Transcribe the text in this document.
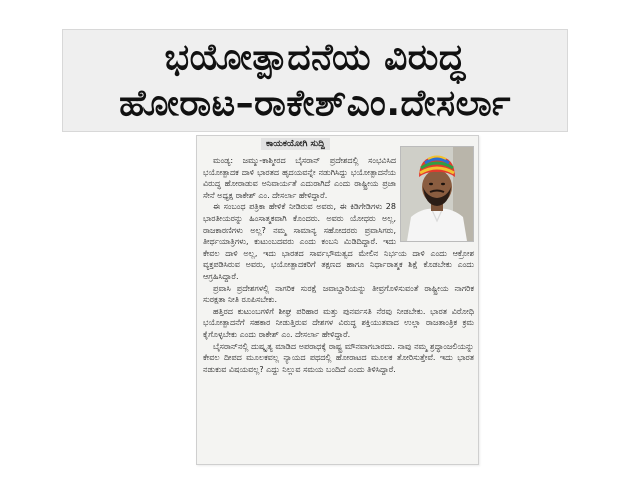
ಭಯೋತ್ಪಾದನೆಯ ವಿರುದ್ಧ
ಹೋರಾಟ–ರಾಕೇಶ್‌ಎಂ.ದೇಸರ್ಲಾ
ಕಾಯಕಯೋಗಿ ಸುದ್ದಿ

ಮಂಡ್ಯ: ಜಮ್ಮು-ಕಾಶ್ಮೀರದ ಬೈಸರಾನ್ ಪ್ರದೇಶದಲ್ಲಿ ಸಂಭವಿಸಿದ ಭಯೋತ್ಪಾದಕ ದಾಳಿ ಭಾರತದ ಹೃದಯವನ್ನೇ ನಡುಗಿಸಿದ್ದು ಭಯೋತ್ಪಾದನೆಯ ವಿರುದ್ಧ ಹೋರಾಡುವ ಅನಿವಾರ್ಯತೆ ಎದುರಾಗಿದೆ ಎಂದು ರಾಷ್ಟ್ರೀಯ ಪ್ರಜಾ ಸೇನೆ ಅಧ್ಯಕ್ಷ ರಾಕೇಶ್ ಎಂ. ದೇಸರ್ಲಾ ಹೇಳಿದ್ದಾರೆ.

ಈ ಸಂಬಂಧ ಪತ್ರಿಕಾ ಹೇಳಿಕೆ ನೀಡಿರುವ ಅವರು, ಈ ಕಿಡಿಗೇಡಿಗಳು 28 ಭಾರತೀಯರನ್ನು ಹಿಂಸಾತ್ಮಕವಾಗಿ ಕೊಂದರು. ಅವರು ಯೋಧರು ಅಲ್ಲ, ರಾಜಕಾರಣಿಗಳು ಅಲ್ಲ? ನಮ್ಮ ಸಾಮಾನ್ಯ ಸಹೋದರರು ಪ್ರವಾಸಿಗರು, ತೀರ್ಥಯಾತ್ರಿಗಳು, ಕುಟುಂಬದವರು ಎಂದು ಕಂಬನಿ ಮಿಡಿದಿದ್ದಾರೆ. ಇದು ಕೇವಲ ದಾಳಿ ಅಲ್ಲ, ಇದು ಭಾರತದ ಸಾರ್ವಭೌಮತ್ವದ ಮೇಲಿನ ನಿರ್ಭಯ ದಾಳಿ ಎಂದು ಆಕ್ರೋಶ ವ್ಯಕ್ತಪಡಿಸಿರುವ ಅವರು, ಭಯೋತ್ಪಾದಕರಿಗೆ ತಕ್ಷಣದ ಹಾಗೂ ನಿರ್ಧಾರಾತ್ಮಕ ಶಿಕ್ಷೆ ಕೊಡಬೇಕು ಎಂದು ಆಗ್ರಹಿಸಿದ್ದಾರೆ.

ಪ್ರವಾಸಿ ಪ್ರದೇಶಗಳಲ್ಲಿ ನಾಗರಿಕ ಸುರಕ್ಷೆ ಜವಾಬ್ದಾರಿಯನ್ನು ತೀವ್ರಗೊಳಿಸುವಂತೆ ರಾಷ್ಟ್ರೀಯ ನಾಗರಿಕ ಸುರಕ್ಷತಾ ನೀತಿ ರೂಪಿಸಬೇಕು.

ಹತ್ತಿರದ ಕುಟುಂಬಗಳಿಗೆ ಶೀಘ್ರ ಪರಿಹಾರ ಮತ್ತು ಪುನರ್ವಸತಿ ನೆರವು ನೀಡಬೇಕು. ಭಾರತ ವಿರೋಧಿ ಭಯೋತ್ಪಾದನೆಗೆ ಸಹಕಾರ ನೀಡುತ್ತಿರುವ ದೇಶಗಳ ವಿರುದ್ಧ ಶಕ್ತಿಯುತವಾದ ಉಲ್ಲಾ ರಾಜತಾಂತ್ರಿಕ ಕ್ರಮ ಕೈಗೊಳ್ಳಬೇಕು ಎಂದು ರಾಕೇಶ್ ಎಂ. ದೇಸರ್ಲಾ ಹೇಳಿದ್ದಾರೆ.

ಬೈಸರಾನ್‌ನಲ್ಲಿ ದುಷ್ಕೃತ್ಯ ಮಾಡಿದ ಅಪರಾಧಕ್ಕೆ ರಾಷ್ಟ್ರ ಮೌನವಾಗಬಾರದು. ನಾವು ನಮ್ಮ ಶ್ರದ್ಧಾಂಜಲಿಯನ್ನು ಕೇವಲ ದೀಪದ ಮೂಲಕವಲ್ಲ ನ್ಯಾಯದ ಪಥದಲ್ಲಿ ಹೋರಾಟದ ಮೂಲಕ ತೋರಿಸುತ್ತೇವೆ. ಇದು ಭಾರತ ನಡುಕುವ ವಿಷಯವಲ್ಲ? ಎದ್ದು ನಿಲ್ಲುವ ಸಮಯ ಬಂದಿದೆ ಎಂದು ತಿಳಿಸಿದ್ದಾರೆ.
